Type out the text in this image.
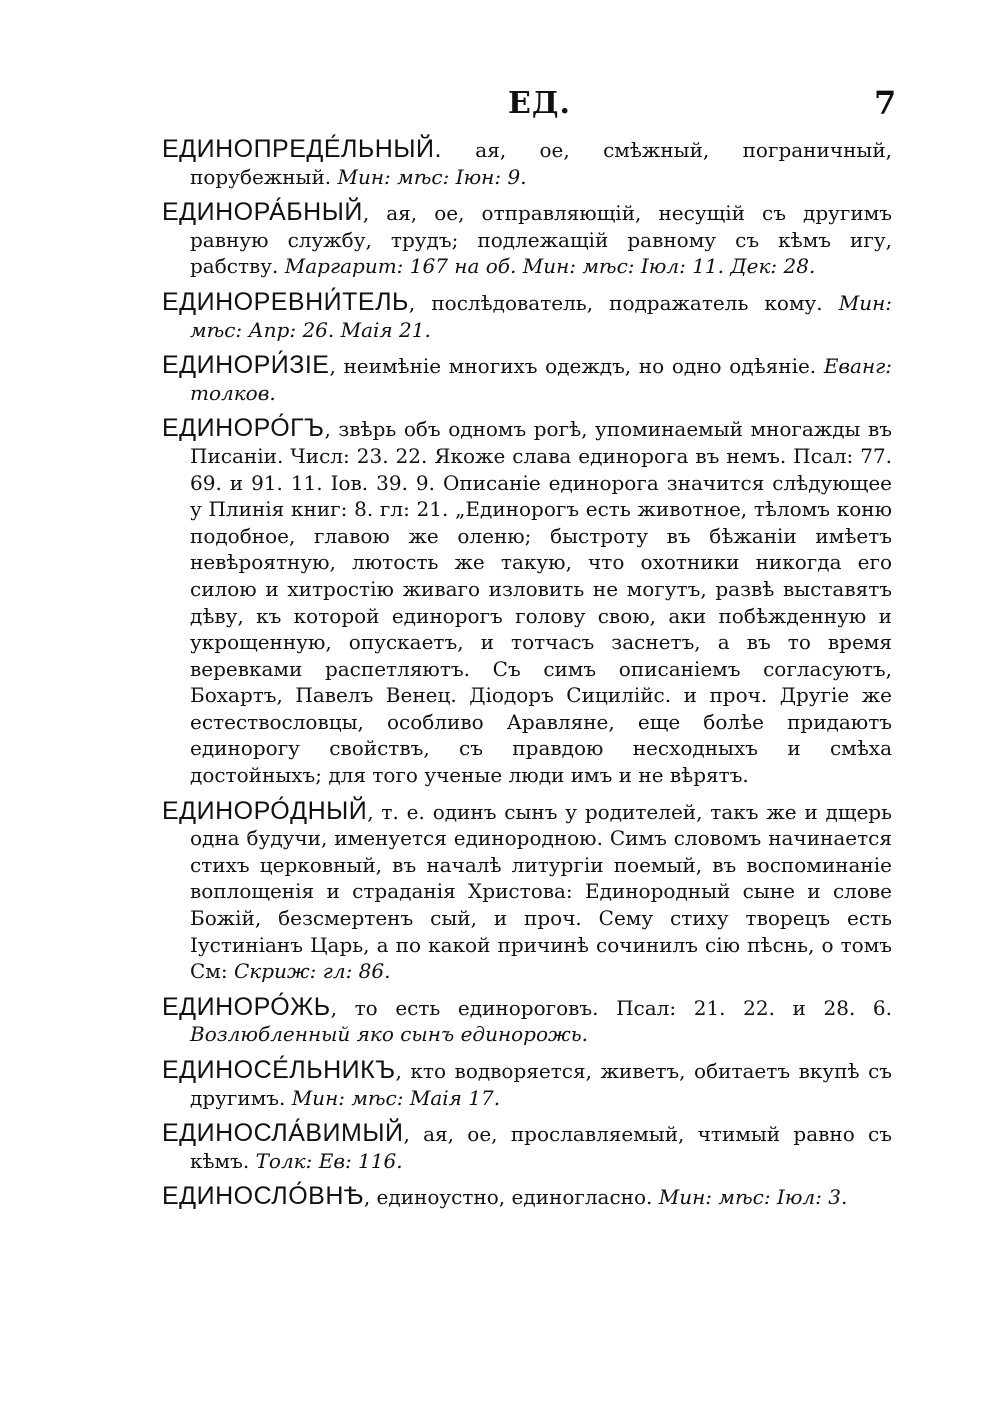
ЕД.	7

ЕДИНОПРЕДЕ́ЛЬНЫЙ. ая, ое, смѣжный, пограничный, порубежный. Мин: мѣс: Іюн: 9.

ЕДИНОРА́БНЫЙ, ая, ое, отправляющій, несущій съ другимъ равную службу, трудъ; подлежащій равному съ кѣмъ игу, рабству. Маргарит: 167 на об. Мин: мѣс: Іюл: 11. Дек: 28.

ЕДИНОРЕВНИ́ТЕЛЬ, послѣдователь, подражатель кому. Мин: мѣс: Апр: 26. Маія 21.

ЕДИНОРИ́ЗІЕ, неимѣніе многихъ одеждъ, но одно одѣяніе. Еванг: толков.

ЕДИНОРО́ГЪ, звѣрь объ одномъ рогѣ, упоминаемый многажды въ Писаніи. Числ: 23. 22. Якоже слава единорога въ немъ. Псал: 77. 69. и 91. 11. Іов. 39. 9. Описаніе единорога значится слѣдующее у Плинія книг: 8. гл: 21. „Единорогъ есть животное, тѣломъ коню подобное, главою же оленю; быстроту въ бѣжаніи имѣетъ невѣроятную, лютость же такую, что охотники никогда его силою и хитростію живаго изловить не могутъ, развѣ выставятъ дѣву, къ которой единорогъ голову свою, аки побѣжденную и укрощенную, опускаетъ, и тотчасъ заснетъ, а въ то время веревками распетляютъ. Съ симъ описаніемъ согласуютъ, Бохартъ, Павелъ Венец. Діодоръ Сицилійс. и проч. Другіе же естествословцы, особливо Аравляне, еще болѣе придаютъ единорогу свойствъ, съ правдою несходныхъ и смѣха достойныхъ; для того ученые люди имъ и не вѣрятъ.

ЕДИНОРО́ДНЫЙ, т. е. одинъ сынъ у родителей, такъ же и дщерь одна будучи, именуется единородною. Симъ словомъ начинается стихъ церковный, въ началѣ литургіи поемый, въ воспоминаніе воплощенія и страданія Христова: Единородный сыне и слове Божій, безсмертенъ сый, и проч. Сему стиху творецъ есть Іустиніанъ Царь, а по какой причинѣ сочинилъ сію пѣснь, о томъ См: Скриж: гл: 86.

ЕДИНОРО́ЖЬ, то есть единороговъ. Псал: 21. 22. и 28. 6. Возлюбленный яко сынъ единорожь.

ЕДИНОСЕ́ЛЬНИКЪ, кто водворяется, живетъ, обитаетъ вкупѣ съ другимъ. Мин: мѣс: Маія 17.

ЕДИНОСЛА́ВИМЫЙ, ая, ое, прославляемый, чтимый равно съ кѣмъ. Толк: Ев: 116.

ЕДИНОСЛО́ВНѢ, единоустно, единогласно. Мин: мѣс: Іюл: 3.
